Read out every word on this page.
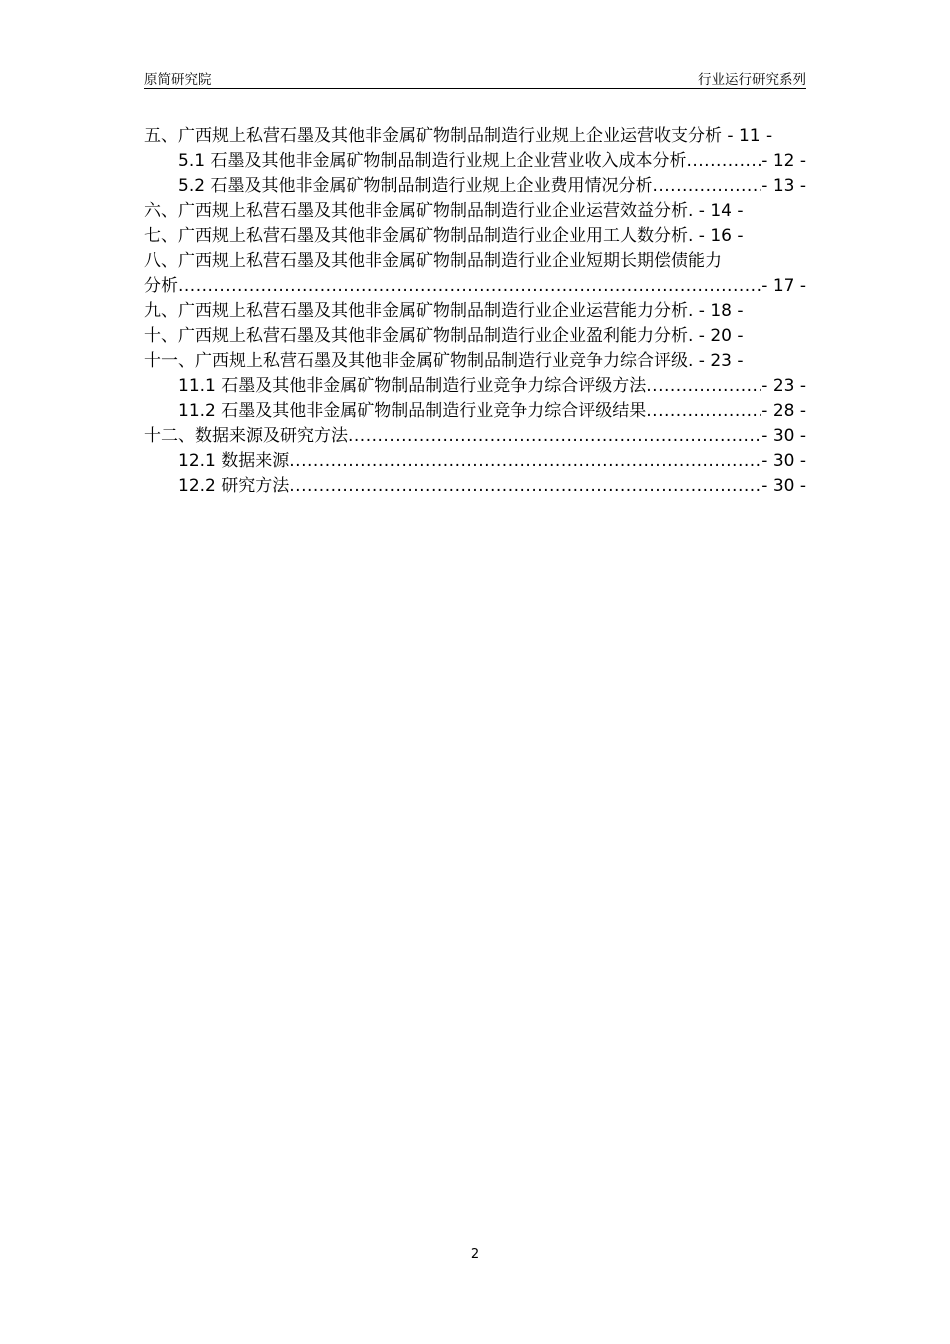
原简研究院	行业运行研究系列
五、广西规上私营石墨及其他非金属矿物制品制造行业规上企业运营收支分析 - 11 -
5.1 石墨及其他非金属矿物制品制造行业规上企业营业收入成本分析 .....	- 12 -
5.2 石墨及其他非金属矿物制品制造行业规上企业费用情况分析 .....	- 13 -
六、广西规上私营石墨及其他非金属矿物制品制造行业企业运营效益分析. - 14 -
七、广西规上私营石墨及其他非金属矿物制品制造行业企业用工人数分析. - 16 -
八、广西规上私营石墨及其他非金属矿物制品制造行业企业短期长期偿债能力
分析 .....	- 17 -
九、广西规上私营石墨及其他非金属矿物制品制造行业企业运营能力分析. - 18 -
十、广西规上私营石墨及其他非金属矿物制品制造行业企业盈利能力分析. - 20 -
十一、广西规上私营石墨及其他非金属矿物制品制造行业竞争力综合评级. - 23 -
11.1 石墨及其他非金属矿物制品制造行业竞争力综合评级方法 .....	- 23 -
11.2 石墨及其他非金属矿物制品制造行业竞争力综合评级结果 .....	- 28 -
十二、数据来源及研究方法 .....	- 30 -
12.1 数据来源 .....	- 30 -
12.2 研究方法 .....	- 30 -
2
